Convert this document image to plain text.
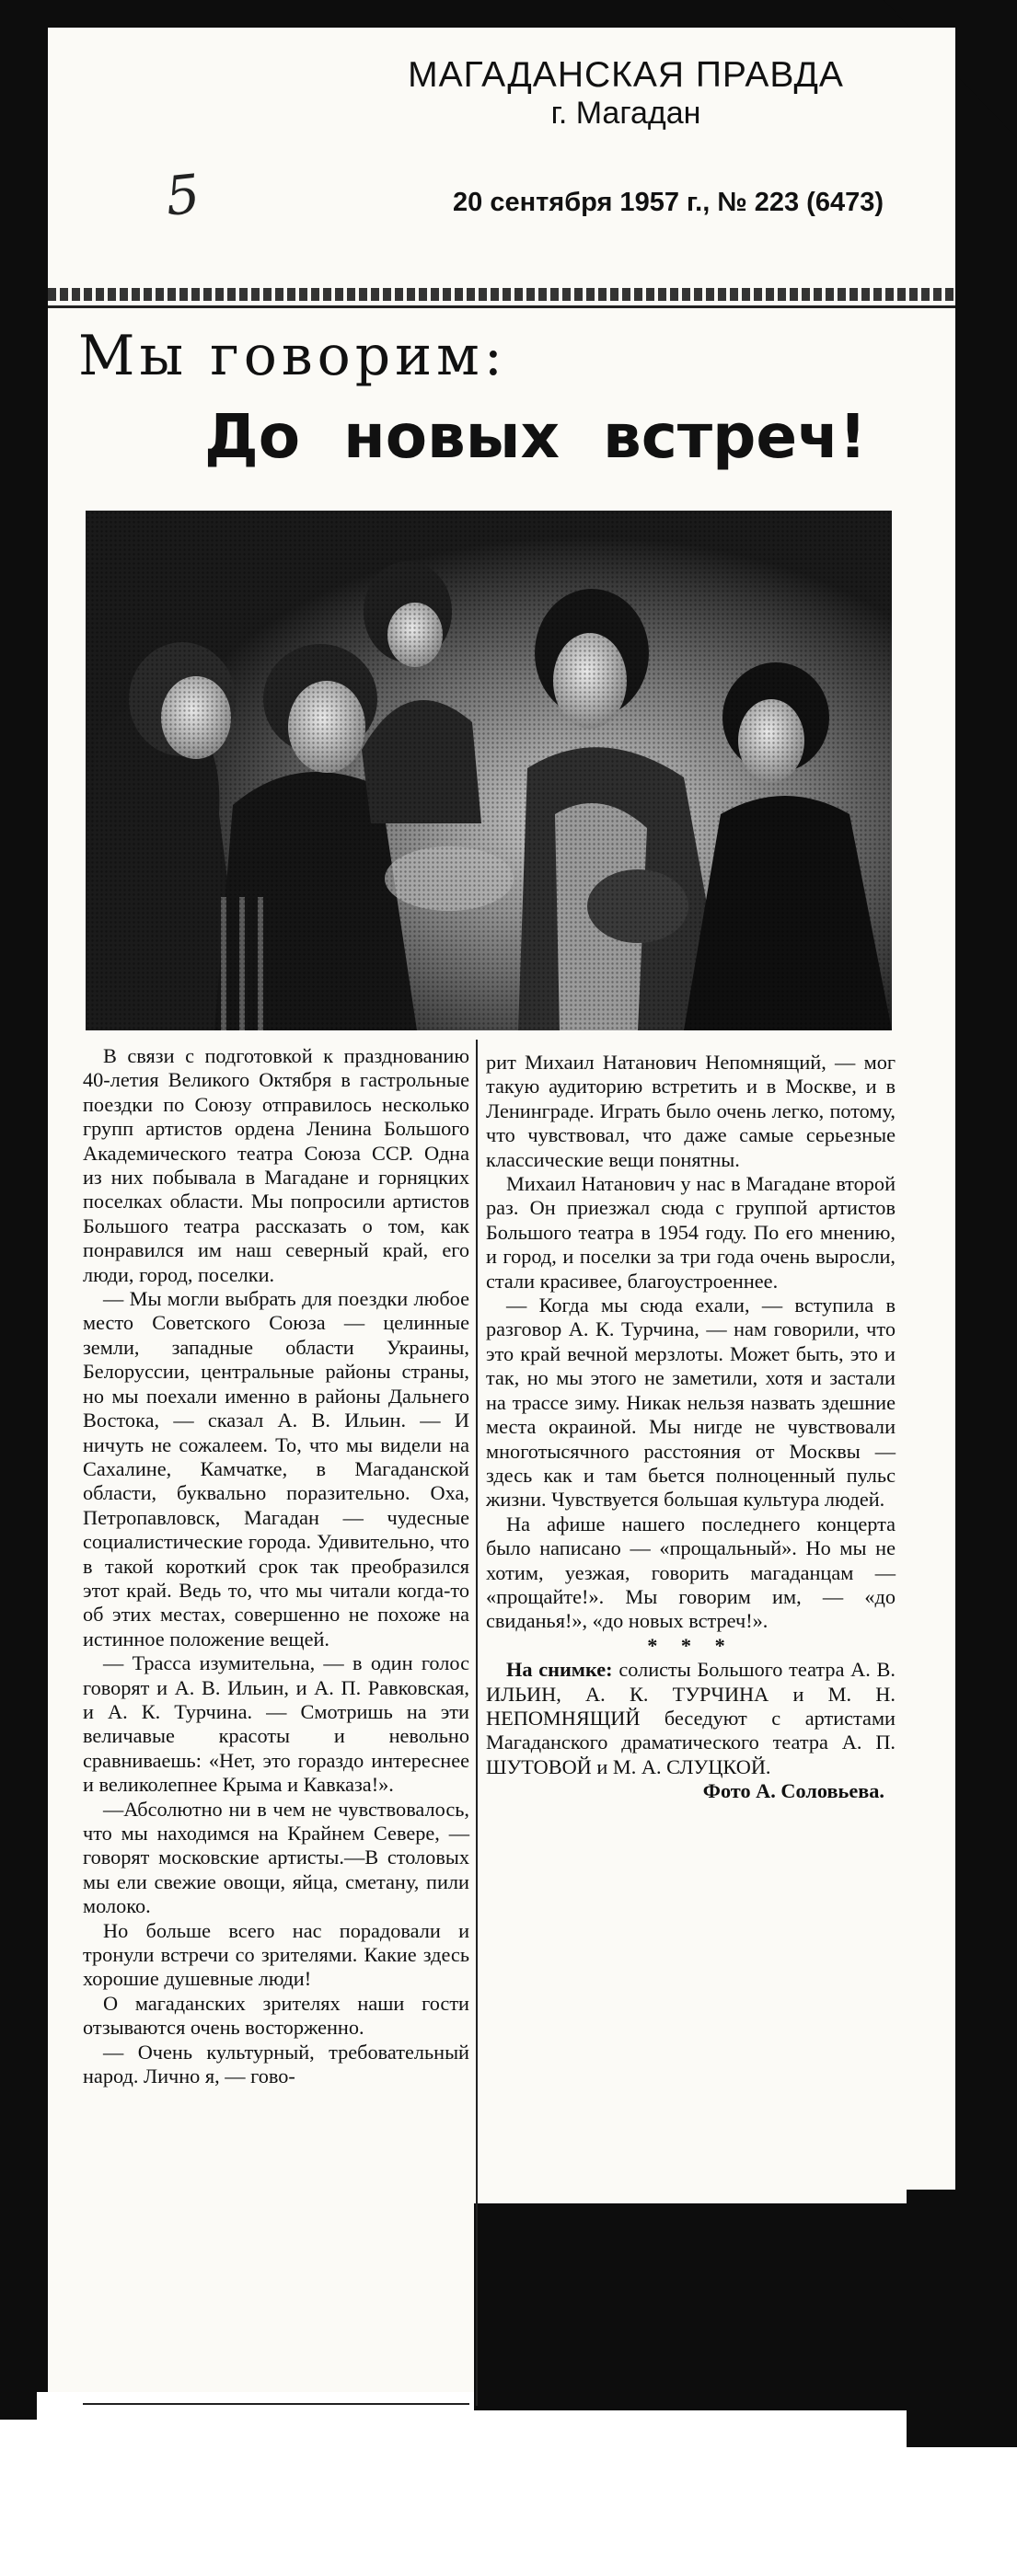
МАГАДАНСКАЯ ПРАВДА
г. Магадан
5	20 сентября 1957 г., № 223 (6473)
Мы говорим:
До новых встреч!

В связи с подготовкой к празднованию 40-летия Великого Октября в гастрольные поездки по Союзу отправилось несколько групп артистов ордена Ленина Большого Академического театра Союза ССР. Одна из них побывала в Магадане и горняцких поселках области. Мы попросили артистов Большого театра рассказать о том, как понравился им наш северный край, его люди, город, поселки.

— Мы могли выбрать для поездки любое место Советского Союза — целинные земли, западные области Украины, Белоруссии, центральные районы страны, но мы поехали именно в районы Дальнего Востока, — сказал А. В. Ильин. — И ничуть не сожалеем. То, что мы видели на Сахалине, Камчатке, в Магаданской области, буквально поразительно. Оха, Петропавловск, Магадан — чудесные социалистические города. Удивительно, что в такой короткий срок так преобразился этот край. Ведь то, что мы читали когда-то об этих местах, совершенно не похоже на истинное положение вещей.

— Трасса изумительна, — в один голос говорят и А. В. Ильин, и А. П. Равковская, и А. К. Турчина. — Смотришь на эти величавые красоты и невольно сравниваешь: «Нет, это гораздо интереснее и великолепнее Крыма и Кавказа!».

—Абсолютно ни в чем не чувствовалось, что мы находимся на Крайнем Севере, — говорят московские артисты.—В столовых мы ели свежие овощи, яйца, сметану, пили молоко.

Но больше всего нас порадовали и тронули встречи со зрителями. Какие здесь хорошие душевные люди!

О магаданских зрителях наши гости отзываются очень восторженно.

— Очень культурный, требовательный народ. Лично я, — гово-

рит Михаил Натанович Непомнящий, — мог такую аудиторию встретить и в Москве, и в Ленинграде. Играть было очень легко, потому, что чувствовал, что даже самые серьезные классические вещи понятны.

Михаил Натанович у нас в Магадане второй раз. Он приезжал сюда с группой артистов Большого театра в 1954 году. По его мнению, и город, и поселки за три года очень выросли, стали красивее, благоустроеннее.

— Когда мы сюда ехали, — вступила в разговор А. К. Турчина, — нам говорили, что это край вечной мерзлоты. Может быть, это и так, но мы этого не заметили, хотя и застали на трассе зиму. Никак нельзя назвать здешние места окраиной. Мы нигде не чувствовали многотысячного расстояния от Москвы — здесь как и там бьется полноценный пульс жизни. Чувствуется большая культура людей.

На афише нашего последнего концерта было написано — «прощальный». Но мы не хотим, уезжая, говорить магаданцам — «прощайте!». Мы говорим им, — «до свиданья!», «до новых встреч!».

* * *

На снимке: солисты Большого театра А. В. ИЛЬИН, А. К. ТУРЧИНА и М. Н. НЕПОМНЯЩИЙ беседуют с артистами Магаданского драматического театра А. П. ШУТОВОЙ и М. А. СЛУЦКОЙ.

Фото А. Соловьева.
